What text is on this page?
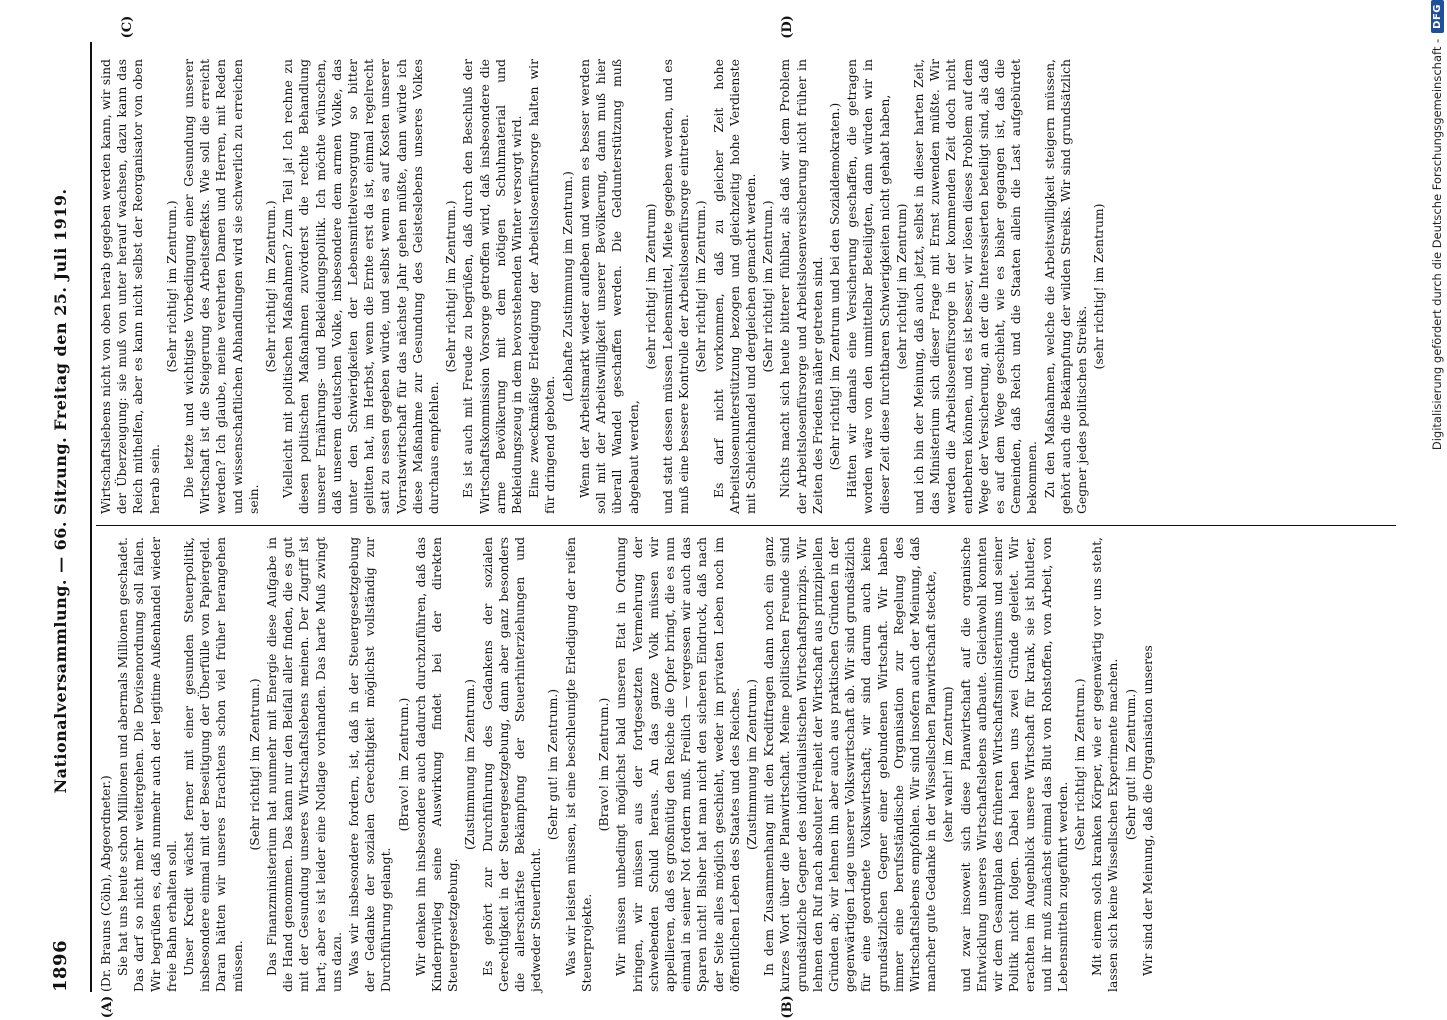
1896
Nationalversammlung. — 66. Sitzung. Freitag den 25. Juli 1919.
(A)	(B)
(C)	(D)

(Dr. Brauns (Cöln), Abgeordneter.) Sie hat uns heute schon Millionen und abermals Millionen geschadet. Das darf so nicht mehr weitergehen. Die Devisenordnung soll fallen. Wir begrüßen es, daß nunmehr auch der legitime Außenhandel wieder freie Bahn erhalten soll. Unser Kredit wächst ferner mit einer gesunden Steuerpolitik, insbesondere einmal mit der Beseitigung der Überfülle von Papiergeld. Daran hätten wir unseres Erachtens schon viel früher herangehen müssen.

(Sehr richtig! im Zentrum.) Das Finanzministerium hat nunmehr mit Energie diese Aufgabe in die Hand genommen. Das kann nur den Beifall aller finden, die es gut mit der Gesundung unseres Wirtschaftslebens meinen. Der Zugriff ist hart; aber es ist leider eine Notlage vorhanden. Das harte Muß zwingt uns dazu. Was wir insbesondere fordern, ist, daß in der Steuergesetzgebung der Gedanke der sozialen Gerechtigkeit möglichst vollständig zur Durchführung gelangt.

(Bravo! im Zentrum.) Wir denken ihn insbesondere auch dadurch durchzuführen, daß das Kinderprivileg seine Auswirkung findet bei der direkten Steuergesetzgebung.

(Zustimmung im Zentrum.) Es gehört zur Durchführung des Gedankens der sozialen Gerechtigkeit in der Steuergesetzgebung, dann aber ganz besonders die allerschärfste Bekämpfung der Steuerhinterziehungen und jedweder Steuerflucht.

(Sehr gut! im Zentrum.) Was wir leisten müssen, ist eine beschleunigte Erledigung der reifen Steuerprojekte.

(Bravo! im Zentrum.) Wir müssen unbedingt möglichst bald unseren Etat in Ordnung bringen, wir müssen aus der fortgesetzten Vermehrung der schwebenden Schuld heraus. An das ganze Volk müssen wir appellieren, daß es großmütig den Reiche die Opfer bringt, die es nun einmal in seiner Not fordern muß. Freilich — vergessen wir auch das Sparen nicht! Bisher hat man nicht den sicheren Eindruck, daß nach der Seite alles möglich geschieht, weder im privaten Leben noch im öffentlichen Leben des Staates und des Reiches. (Zustimmung im Zentrum.) In dem Zusammenhang mit den Kreditfragen dann noch ein ganz kurzes Wort über die Planwirtschaft. Meine politischen Freunde sind grundsätzliche Gegner des individualistischen Wirtschaftsprinzips. Wir lehnen den Ruf nach absoluter Freiheit der Wirtschaft aus prinzipiellen Gründen ab; wir lehnen ihn aber auch aus praktischen Gründen in der gegenwärtigen Lage unserer Volkswirtschaft ab. Wir sind grundsätzlich für eine geordnete Volkswirtschaft; wir sind darum auch keine grundsätzlichen Gegner einer gebundenen Wirtschaft. Wir haben immer eine berufsständische Organisation zur Regelung des Wirtschaftslebens empfohlen. Wir sind insofern auch der Meinung, daß mancher gute Gedanke in der Wissellschen Planwirtschaft steckte, (sehr wahr! im Zentrum) und zwar insoweit sich diese Planwirtschaft auf die organische Entwicklung unseres Wirtschaftslebens aufbaute. Gleichwohl konnten wir dem Gesamtplan des früheren Wirtschaftsministeriums und seiner Politik nicht folgen. Dabei haben uns zwei Gründe geleitet. Wir erachten im Augenblick unsere Wirtschaft für krank, sie ist blutleer, und ihr muß zunächst einmal das Blut von Rohstoffen, von Arbeit, von Lebensmitteln zugeführt werden.

(Sehr richtig! im Zentrum.) Mit einem solch kranken Körper, wie er gegenwärtig vor uns steht, lassen sich keine Wissellschen Experimente machen. (Sehr gut! im Zentrum.) Wir sind der Meinung, daß die Organisation unseres

Wirtschaftslebens nicht von oben herab gegeben werden kann, wir sind der Überzeugung: sie muß von unter herauf wachsen, dazu kann das Reich mithelfen, aber es kann nicht selbst der Reorganisator von oben herab sein.

(Sehr richtig! im Zentrum.) Die letzte und wichtigste Vorbedingung einer Gesundung unserer Wirtschaft ist die Steigerung des Arbeitseffekts. Wie soll die erreicht werden? Ich glaube, meine verehrten Damen und Herren, mit Reden und wissenschaftlichen Abhandlungen wird sie schwerlich zu erreichen sein.

(Sehr richtig! im Zentrum.) Vielleicht mit politischen Maßnahmen? Zum Teil ja! Ich rechne zu diesen politischen Maßnahmen zuvörderst die rechte Behandlung unserer Ernährungs- und Bekleidungspolitik. Ich möchte wünschen, daß unserem deutschen Volke, insbesondere dem armen Volke, das unter den Schwierigkeiten der Lebensmittelversorgung so bitter gelitten hat, im Herbst, wenn die Ernte erst da ist, einmal regelrecht satt zu essen gegeben würde, und selbst wenn es auf Kosten unserer Vorratswirtschaft für das nächste Jahr gehen müßte, dann würde ich diese Maßnahme zur Gesundung des Geisteslebens unseres Volkes durchaus empfehlen.

(Sehr richtig! im Zentrum.) Es ist auch mit Freude zu begrüßen, daß durch den Beschluß der Wirtschaftskommission Vorsorge getroffen wird, daß insbesondere die arme Bevölkerung mit dem nötigen Schuhmaterial und Bekleidungszeug in dem bevorstehenden Winter versorgt wird. Eine zweckmäßige Erledigung der Arbeitslosenfürsorge halten wir für dringend geboten.

(Lebhafte Zustimmung im Zentrum.) Wenn der Arbeitsmarkt wieder aufleben und wenn es besser werden soll mit der Arbeitswilligkeit unserer Bevölkerung, dann muß hier überall Wandel geschaffen werden. Die Geldunterstützung muß abgebaut werden,

(sehr richtig! im Zentrum) und statt dessen müssen Lebensmittel, Miete gegeben werden, und es muß eine bessere Kontrolle der Arbeitslosenfürsorge eintreten. (Sehr richtig! im Zentrum.) Es darf nicht vorkommen, daß zu gleicher Zeit hohe Arbeitslosenunterstützung bezogen und gleichzeitig hohe Verdienste mit Schleichhandel und dergleichen gemacht werden. (Sehr richtig! im Zentrum.) Nichts macht sich heute bitterer fühlbar, als daß wir dem Problem der Arbeitslosenfürsorge und Arbeitslosenversicherung nicht früher in Zeiten des Friedens näher getreten sind. (Sehr richtig! im Zentrum und bei den Sozialdemokraten.) Hätten wir damals eine Versicherung geschaffen, die getragen worden wäre von den unmittelbar Beteiligten, dann würden wir in dieser Zeit diese furchtbaren Schwierigkeiten nicht gehabt haben, (sehr richtig! im Zentrum) und ich bin der Meinung, daß auch jetzt, selbst in dieser harten Zeit, das Ministerium sich dieser Frage mit Ernst zuwenden müßte. Wir werden die Arbeitslosenfürsorge in der kommenden Zeit doch nicht entbehren können, und es ist besser, wir lösen dieses Problem auf dem Wege der Versicherung, an der die Interessierten beteiligt sind, als daß es auf dem Wege geschieht, wie es bisher gegangen ist, daß die Gemeinden, daß Reich und die Staaten allein die Last aufgebürdet bekommen. Zu den Maßnahmen, welche die Arbeitswilligkeit steigern müssen, gehört auch die Bekämpfung der wilden Streiks. Wir sind grundsätzlich Gegner jedes politischen Streiks.

(sehr richtig! im Zentrum)	Digitalisierung gefördert durch die Deutsche Forschungsgemeinschaft -
DFG
